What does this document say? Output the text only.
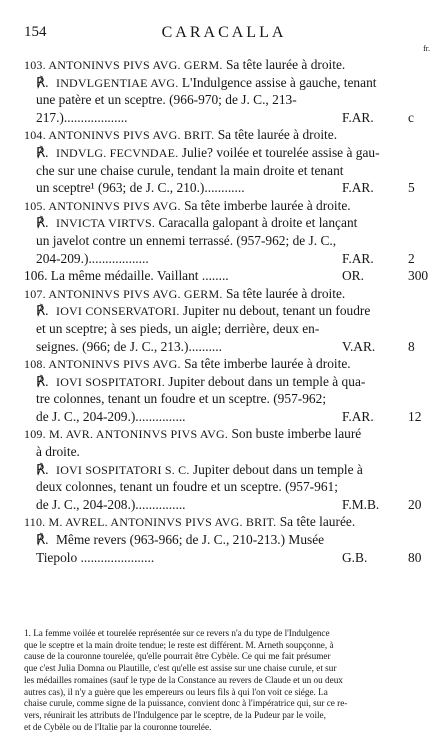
154	CARACALLA
fr.
103. ANTONINVS PIVS AVG. GERM. Sa tête laurée à droite.
℟. INDVLGENTIAE AVG. L'Indulgence assise à gauche, tenant
une patère et un sceptre. (966-970; de J. C., 213-
217.)...................	F.AR.	c
104. ANTONINVS PIVS AVG. BRIT. Sa tête laurée à droite.
℟. INDVLG. FECVNDAE. Julie? voilée et tourelée assise à gau-
che sur une chaise curule, tendant la main droite et tenant
un sceptre¹ (963; de J. C., 210.)............	F.AR.	5
105. ANTONINVS PIVS AVG. Sa tête imberbe laurée à droite.
℟. INVICTA VIRTVS. Caracalla galopant à droite et lançant
un javelot contre un ennemi terrassé. (957-962; de J. C.,
204-209.)..................	F.AR.	2
106. La même médaille. Vaillant ........	OR.	300
107. ANTONINVS PIVS AVG. GERM. Sa tête laurée à droite.
℟. IOVI CONSERVATORI. Jupiter nu debout, tenant un foudre
et un sceptre; à ses pieds, un aigle; derrière, deux en-
seignes. (966; de J. C., 213.)..........	V.AR. 8
108. ANTONINVS PIVS AVG. Sa tête imberbe laurée à droite.
℟. IOVI SOSPITATORI. Jupiter debout dans un temple à qua-
tre colonnes, tenant un foudre et un sceptre. (957-962;
de J. C., 204-209.)...............	F.AR.	12
109. M. AVR. ANTONINVS PIVS AVG. Son buste imberbe lauré
à droite.
℟. IOVI SOSPITATORI S. C. Jupiter debout dans un temple à
deux colonnes, tenant un foudre et un sceptre. (957-961;
de J. C., 204-208.)...............	F.M.B. 20
110. M. AVREL. ANTONINVS PIVS AVG. BRIT. Sa tête laurée.
℟. Même revers (963-966; de J. C., 210-213.) Musée
Tiepolo ......................	G.B.	80
1. La femme voilée et tourelée représentée sur ce revers n'a du type de l'Indulgence
que le sceptre et la main droite tendue; le reste est différent. M. Arneth soupçonne, à
cause de la couronne tourelée, qu'elle pourrait être Cybèle. Ce qui me fait présumer
que c'est Julia Domna ou Plautille, c'est qu'elle est assise sur une chaise curule, et sur
les médailles romaines (sauf le type de la Constance au revers de Claude et un ou deux
autres cas), il n'y a guère que les empereurs ou leurs fils à qui l'on voit ce siége. La
chaise curule, comme signe de la puissance, convient donc à l'impératrice qui, sur ce re-
vers, réunirait les attributs de l'Indulgence par le sceptre, de la Pudeur par le voile,
et de Cybèle ou de l'Italie par la couronne tourelée.
